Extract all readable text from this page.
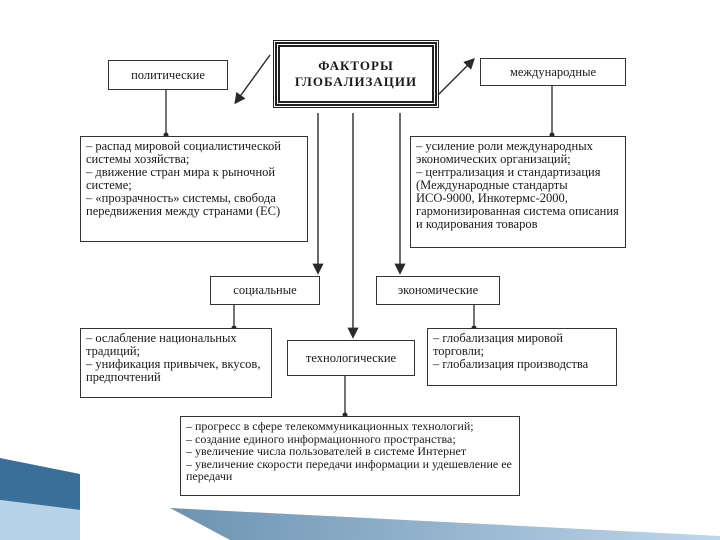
ФАКТОРЫ
ГЛОБАЛИЗАЦИИ
политические	международные
социальные	экономические
технологические
– распад мировой социалистической системы хозяйства;
– движение стран мира к рыночной системе;
– «прозрачность» системы, свобода передвижения между странами (ЕС)
– усиление роли международных экономических организаций;
– централизация и стандартизация (Международные стандарты ИСО-9000, Инкотермс-2000, гармонизированная система описания и кодирования товаров
– ослабление национальных традиций;
– унификация привычек, вкусов, предпочтений
– глобализация мировой торговли;
– глобализация производства
– прогресс в сфере телекоммуникационных технологий;
– создание единого информационного пространства;
– увеличение числа пользователей в системе Интернет
– увеличение скорости передачи информации и удешевление ее передачи
